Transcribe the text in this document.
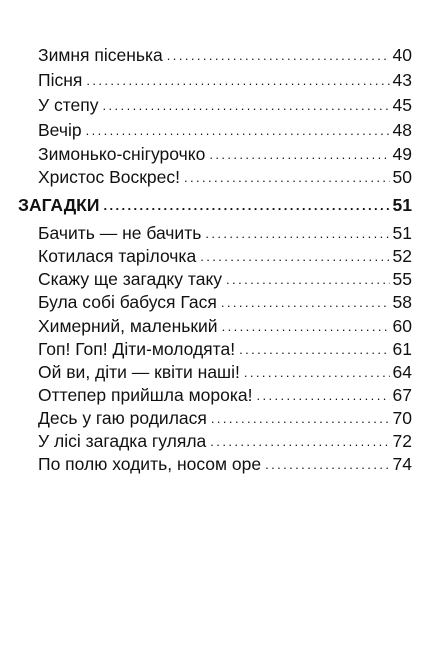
Зимня пісенька .....	40
Пісня .....	43
У степу .....	45
Вечір .....	48
Зимонько-снігурочко .....	49
Христос Воскрес! .....	50
ЗАГАДКИ .....	51
Бачить — не бачить .....	51
Котилася тарілочка .....	52
Скажу ще загадку таку .....	55
Була собі бабуся Гася .....	58
Химерний, маленький .....	60
Гоп! Гоп! Діти-молодята! .....	61
Ой ви, діти — квіти наші! .....	64
Оттепер прийшла морока! .....	67
Десь у гаю родилася .....	70
У лісі загадка гуляла .....	72
По полю ходить, носом оре .....	74
